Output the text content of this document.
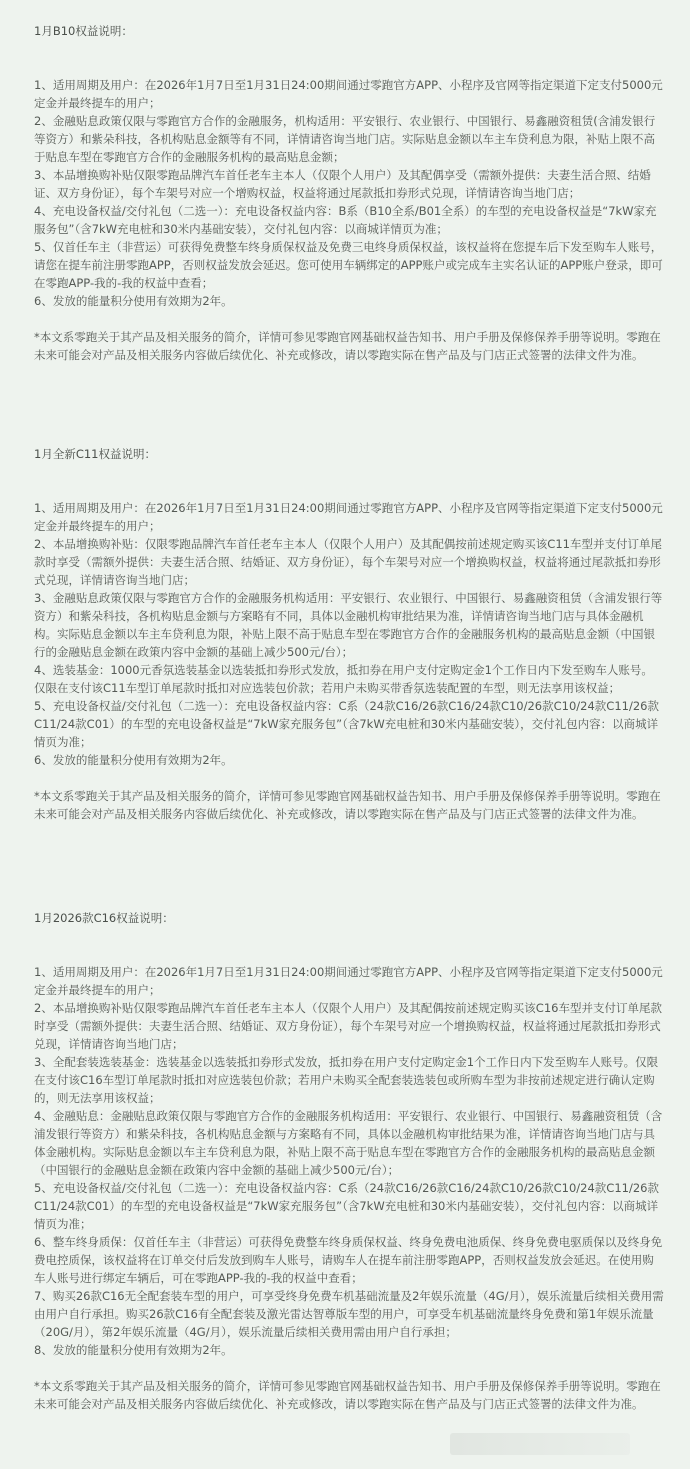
1月B10权益说明：

1、适用周期及用户：在2026年1月7日至1月31日24:00期间通过零跑官方APP、小程序及官网等指定渠道下定支付5000元定金并最终提车的用户；

2、金融贴息政策仅限与零跑官方合作的金融服务，机构适用：平安银行、农业银行、中国银行、易鑫融资租赁(含浦发银行等资方）和紫朵科技，各机构贴息金额等有不同，详情请咨询当地门店。实际贴息金额以车主车贷利息为限，补贴上限不高于贴息车型在零跑官方合作的金融服务机构的最高贴息金额；

3、本品增换购补贴仅限零跑品牌汽车首任老车主本人（仅限个人用户）及其配偶享受（需额外提供：夫妻生活合照、结婚证、双方身份证），每个车架号对应一个增购权益，权益将通过尾款抵扣券形式兑现，详情请咨询当地门店；

4、充电设备权益/交付礼包（二选一）：充电设备权益内容：B系（B10全系/B01全系）的车型的充电设备权益是“7kW家充服务包”（含7kW充电桩和30米内基础安装），交付礼包内容：以商城详情页为准；

5、仅首任车主（非营运）可获得免费整车终身质保权益及免费三电终身质保权益，该权益将在您提车后下发至购车人账号，请您在提车前注册零跑APP，否则权益发放会延迟。您可使用车辆绑定的APP账户或完成车主实名认证的APP账户登录，即可在零跑APP-我的-我的权益中查看；

6、发放的能量积分使用有效期为2年。

*本文系零跑关于其产品及相关服务的简介，详情可参见零跑官网基础权益告知书、用户手册及保修保养手册等说明。零跑在未来可能会对产品及相关服务内容做后续优化、补充或修改，请以零跑实际在售产品及与门店正式签署的法律文件为准。

1月全新C11权益说明：

1、适用周期及用户：在2026年1月7日至1月31日24:00期间通过零跑官方APP、小程序及官网等指定渠道下定支付5000元定金并最终提车的用户；

2、本品增换购补贴：仅限零跑品牌汽车首任老车主本人（仅限个人用户）及其配偶按前述规定购买该C11车型并支付订单尾款时享受（需额外提供：夫妻生活合照、结婚证、双方身份证），每个车架号对应一个增换购权益，权益将通过尾款抵扣券形式兑现，详情请咨询当地门店；

3、金融贴息政策仅限与零跑官方合作的金融服务机构适用：平安银行、农业银行、中国银行、易鑫融资租赁（含浦发银行等资方）和紫朵科技，各机构贴息金额与方案略有不同，具体以金融机构审批结果为准，详情请咨询当地门店与具体金融机构。实际贴息金额以车主车贷利息为限，补贴上限不高于贴息车型在零跑官方合作的金融服务机构的最高贴息金额（中国银行的金融贴息金额在政策内容中金额的基础上减少500元/台）；

4、选装基金：1000元香氛选装基金以选装抵扣券形式发放，抵扣券在用户支付定购定金1个工作日内下发至购车人账号。仅限在支付该C11车型订单尾款时抵扣对应选装包价款；若用户未购买带香氛选装配置的车型，则无法享用该权益；

5、充电设备权益/交付礼包（二选一）：充电设备权益内容：C系（24款C16/26款C16/24款C10/26款C10/24款C11/26款C11/24款C01）的车型的充电设备权益是“7kW家充服务包”（含7kW充电桩和30米内基础安装），交付礼包内容：以商城详情页为准；

6、发放的能量积分使用有效期为2年。

*本文系零跑关于其产品及相关服务的简介，详情可参见零跑官网基础权益告知书、用户手册及保修保养手册等说明。零跑在未来可能会对产品及相关服务内容做后续优化、补充或修改，请以零跑实际在售产品及与门店正式签署的法律文件为准。

1月2026款C16权益说明：

1、适用周期及用户：在2026年1月7日至1月31日24:00期间通过零跑官方APP、小程序及官网等指定渠道下定支付5000元定金并最终提车的用户；

2、本品增换购补贴仅限零跑品牌汽车首任老车主本人（仅限个人用户）及其配偶按前述规定购买该C16车型并支付订单尾款时享受（需额外提供：夫妻生活合照、结婚证、双方身份证），每个车架号对应一个增换购权益，权益将通过尾款抵扣券形式兑现，详情请咨询当地门店；

3、全配套装选装基金：选装基金以选装抵扣券形式发放，抵扣券在用户支付定购定金1个工作日内下发至购车人账号。仅限在支付该C16车型订单尾款时抵扣对应选装包价款；若用户未购买全配套装选装包或所购车型为非按前述规定进行确认定购的，则无法享用该权益；

4、金融贴息：金融贴息政策仅限与零跑官方合作的金融服务机构适用：平安银行、农业银行、中国银行、易鑫融资租赁（含浦发银行等资方）和紫朵科技，各机构贴息金额与方案略有不同，具体以金融机构审批结果为准，详情请咨询当地门店与具体金融机构。实际贴息金额以车主车贷利息为限，补贴上限不高于贴息车型在零跑官方合作的金融服务机构的最高贴息金额（中国银行的金融贴息金额在政策内容中金额的基础上减少500元/台）；

5、充电设备权益/交付礼包（二选一）：充电设备权益内容：C系（24款C16/26款C16/24款C10/26款C10/24款C11/26款C11/24款C01）的车型的充电设备权益是“7kW家充服务包”（含7kW充电桩和30米内基础安装），交付礼包内容：以商城详情页为准；

6、整车终身质保：仅首任车主（非营运）可获得免费整车终身质保权益、终身免费电池质保、终身免费电驱质保以及终身免费电控质保，该权益将在订单交付后发放到购车人账号，请购车人在提车前注册零跑APP，否则权益发放会延迟。在使用购车人账号进行绑定车辆后，可在零跑APP-我的-我的权益中查看；

7、购买26款C16无全配套装车型的用户，可享受终身免费车机基础流量及2年娱乐流量（4G/月），娱乐流量后续相关费用需由用户自行承担。购买26款C16有全配套装及激光雷达智尊版车型的用户，可享受车机基础流量终身免费和第1年娱乐流量（20G/月），第2年娱乐流量（4G/月），娱乐流量后续相关费用需由用户自行承担；

8、发放的能量积分使用有效期为2年。

*本文系零跑关于其产品及相关服务的简介，详情可参见零跑官网基础权益告知书、用户手册及保修保养手册等说明。零跑在未来可能会对产品及相关服务内容做后续优化、补充或修改，请以零跑实际在售产品及与门店正式签署的法律文件为准。
